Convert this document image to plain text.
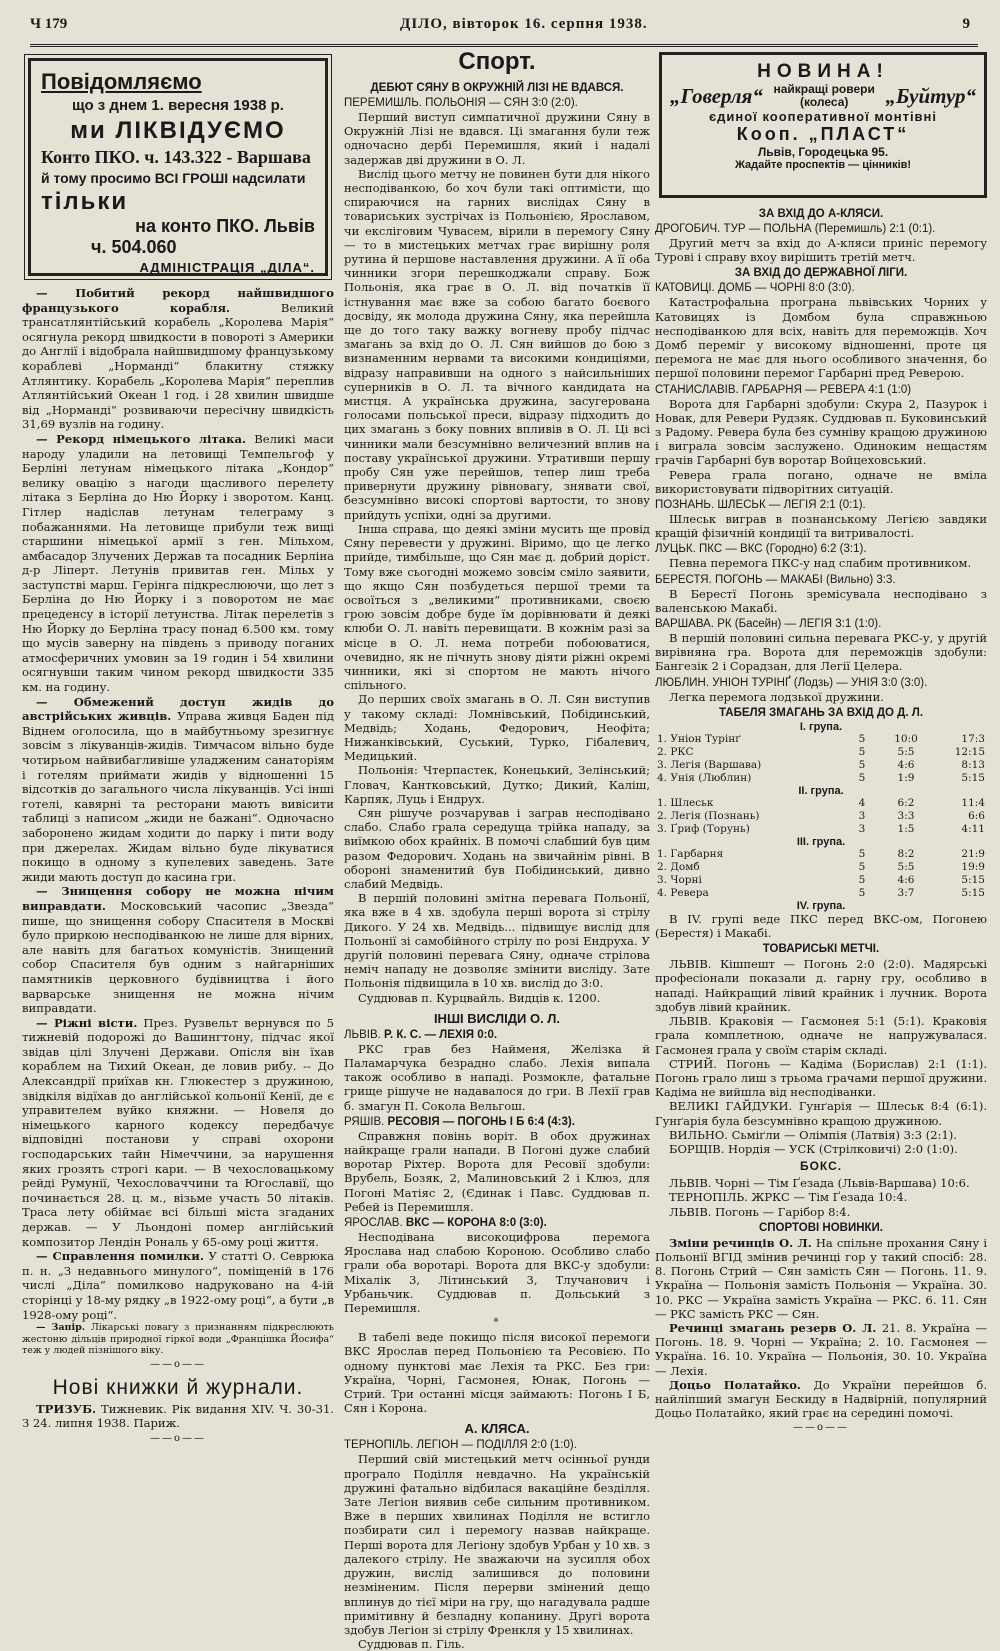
Ч 179	ДІЛО, вівторок 16. серпня 1938.	9
Повідомляємо
що з днем 1. вересня 1938 р.
ми ЛІКВІДУЄМО
Конто ПКО. ч. 143.322 - Варшава
й тому просимо ВСІ ГРОШІ надсилати
тільки
на конто ПКО. Львів
ч. 504.060
АДМІНІСТРАЦІЯ „ДІЛА“.

— Побитий рекорд найшвидшого французького корабля.	Великий трансатлянтійський корабель „Королева Марія“ осягнула рекорд швидкости в повороті з Америки до Англії і відобрала найшвидшому французькому кораблеві „Норманді“ блакитну стяжку Атлянтику. Корабель „Королева Марія“ переплив Атлянтійський Океан 1 год. і 28 хвилин швидше від „Норманді“ розвиваючи пересічну швидкість 31,69 вузлів на годину.

— Рекорд німецького літака. Великі маси народу уладили на летовищі Темпельгоф у Берліні летунам німецького літака „Кондор“ велику овацію з нагоди щасливого перелету літака з Берліна до Ню Йорку і зворотом. Канц. Гітлер надіслав летунам телеграму з побажаннями. На летовище прибули теж вищі старшини німецької армії з ген. Мільхом, амбасадор Злучених Держав та посадник Берліна д-р Ліперт. Летунів привитав ген. Мільх у заступстві марш. Герінга підкреслюючи, що лет з Берліна до Ню Йорку і з поворотом не має прецеденсу в історії летунства. Літак перелетів з Ню Йорку до Берліна трасу понад 6.500 км. тому що мусів заверну на південь з приводу поганих атмосферичних умовин за 19 годин і 54 хвилини осягнувши таким чином рекорд швидкости 335 км. на годину.

— Обмежений доступ жидів до австрійських живців. Управа живця Баден під Віднем оголосила, що в майбутньому зрезигнує зовсім з лікуванців-жидів. Тимчасом вільно буде чотирьом найвибагливіше уладженим санаторіям і готелям приймати жидів у відношенні 15 відсотків до загального числа лікуванців. Усі інші готелі, кавярні та ресторани мають вивісити таблиці з написом „жиди не бажані“. Одночасно заборонено жидам ходити до парку і пити воду при джерелах. Жидам вільно буде лікуватися покищо в одному з купелевих заведень. Зате жиди мають доступ до касина гри.

— Знищення собору не можна нічим виправдати. Московський часопис „Звезда“ пише, що знищення собору Спасителя в Москві було приркою несподіванкою не лише для вірних, але навіть для багатьох комуністів. Знищений собор Спасителя був одним з найгарніших памятників церковного будівництва і його варварське знищення не можна нічим виправдати.

— Ріжні вісти. През. Рузвельт вернувся по 5 тижневій подорожі до Вашингтону, підчас якої звідав цілі Злучені Держави. Опісля він їхав кораблем на Тихий Океан, де ловив рибу. -- До Александрії приїхав кн. Глюкестер з дружиною, звідкіля відїхав до англійської кольонії Кенії, де є управителем вуйко княжни. — Новеля до німецького карного кодексу передбачує відповідні постанови у справі охорони господарських тайн Німеччини, за нарушення яких грозять строгі кари. — В чехословацькому рейді Румунії, Чехословаччини та Югославії, що починається 28. ц. м., візьме участь 50 літаків. Траса лету обіймає всі більші міста згаданих держав. — У Льондоні помер англійський композитор Лендін Рональ у 65-ому році життя.

— Справлення помилки. У статті О. Севрюка п. н. „З недавнього минулого“, поміщеній в 176 числі „Діла“ помилково надруковано на 4-ій сторінці у 18-му рядку „в 1922-ому році“, а бути „в 1928-ому році“.

— Запір. Лікарські повагу з признанням підкреслюють жестоню дільців природної гіркої води „Францішка Йосифа“ теж у людей пізнішого віку.

——о——
Нові книжки й журнали.

ТРИЗУБ. Тижневик. Рік видання XIV. Ч. 30-31. З 24. липня 1938. Париж.

——о——
Спорт.
ДЕБЮТ СЯНУ В ОКРУЖНІЙ ЛІЗІ НЕ ВДАВСЯ.
ПЕРЕМИШЛЬ. ПОЛЬОНІЯ — СЯН 3:0 (2:0).

Перший виступ симпатичної дружини Сяну в Окружній Лізі не вдався. Ці змагання були теж одночасно дербі Перемишля, який і надалі задержав дві дружини в О. Л.

Вислід цього метчу не повинен бути для нікого несподіванкою, бо хоч були такі оптимісти, що спираючися на гарних вислідах Сяну в товариських зустрічах із Польонією, Ярославом, чи ексліговим Чувасем, вірили в перемогу Сяну — то в мистецьких метчах грає вирішну роля рутина й першове наставлення дружини. А її оба чинники згори перешкоджали справу. Бож Польонія, яка грає в О. Л. від початків її істнування має вже за собою багато боєвого досвіду, як молода дружина Сяну, яка перейшла ще до того таку важку вогневу пробу підчас змагань за вхід до О. Л. Сян вийшов до бою з визнаменним нервами та високими кондиціями, відразу направивши на одного з найсильніших суперників в О. Л. та вічного кандидата на мистця. А українська дружина, засугерована голосами польської преси, відразу підходить до цих змагань з боку повних впливів в О. Л. Ці всі чинники мали безсумнівно величезний вплив на поставу української дружини. Утративши першу пробу Сян уже перейшов, тепер лиш треба привернути дружину рівновагу, знявати свої, безсумнівно високі спортові вартости, то знову прийдуть успіхи, одні за другими.

Інша справа, що деякі зміни мусить ще провід Сяну перевести у дружині. Віримо, що це легко прийде, тимбільше, що Сян має д. добрий доріст. Тому вже сьогодні можемо зовсім сміло заявити, що якщо Сян позбудеться першої треми та освоїться з „великими“ противниками, своєю грою зовсім добре буде їм дорівнювати й деякі клюби О. Л. навіть перевищати. В кожнім разі за місце в О. Л. нема потреби побоюватися, очевидно, як не пічнуть знову діяти ріжні окремі чинники, які зі спортом не мають нічого спільного.

До перших своїх змагань в О. Л. Сян виступив у такому складі: Ломнівський, Побідинський, Медвідь; Ходань, Федорович, Неофіта; Нижанківський, Суський, Турко, Гібалевич, Медицький.

Польонія: Чтерпастек, Конецький, Зелінський; Гловач, Кантковський, Дутко; Дикий, Каліш, Карпяк, Луць і Ендрух.

Сян рішуче розчарував і заграв несподівано слабо. Слабо грала середуща трійка нападу, за виїмкою обох крайніх. В помочі слабший був цим разом Федорович. Ходань на звичайнім рівні. В обороні знаменитий був Побідинський, дивно слабий Медвідь.

В першій половині змітна перевага Польонії, яка вже в 4 хв. здобула перші ворота зі стрілу Дикого. У 24 хв. Медвідь... підвищує вислід для Польонії зі самобійного стрілу по розі Ендруха. У другій половині перевага Сяну, одначе стрілова неміч нападу не дозволяє змінити висліду. Зате Польонія підвищила в 10 хв. вислід до 3:0.

Суддював п. Курцвайль. Видців к. 1200.

ІНШІ ВИСЛІДИ О. Л.
ЛЬВІВ. Р. К. С. — ЛЕХІЯ 0:0.

РКС грав без Найменя, Желізка й Паламарчука безрадно слабо. Лехія випала також особливо в нападі. Розмоклe, фатальне грище рішуче не надавалося до гри. В Лехії грав б. змагун П. Сокола Вельгош.

РЯШІВ. РЕСОВІЯ — ПОГОНЬ І Б 6:4 (4:3).

Справжня повінь воріт. В обох дружинах найкраще грали напади. В Погоні дуже слабий воротар Ріхтер. Ворота для Ресовії здобули: Врубель, Бозяк, 2, Малиновський 2 і Клюз, для Погоні Матіяс 2, (Єдинак і Павс. Суддював п. Ребей із Перемишля.

ЯРОСЛАВ. ВКС — КОРОНА 8:0 (3:0).

Несподівана високоцифрова перемога Ярослава над слабою Короною. Особливо слабо грали оба воротарі. Ворота для ВКС-у здобули: Міхалік 3, Літинський 3, Тлучанович і Урбаньчик. Суддював п. Дольський з Перемишля.

*

В табелі веде покищо після високої перемоги ВКС Ярослав перед Польонією та Ресовією. По одному пунктові має Лехія та РКС. Без гри: Україна, Чорні, Гасмонея, Юнак, Погонь — Стрий. Три останні місця займають: Погонь І Б, Сян і Корона.

А. КЛЯСА.
ТЕРНОПІЛЬ. ЛЕГІОН — ПОДІЛЛЯ 2:0 (1:0).

Перший свій мистецький метч осінньої рунди програло Поділля невдачно. На українській дружині фатально відбилася вакаційне безділля. Зате Легіон виявив себе сильним противником. Вже в перших хвилинах Поділля не встигло позбирати сил і перемогу назвав найкраще. Перші ворота для Легіону здобув Урбан у 10 хв. з далекого стрілу. Не зважаючи на зусилля обох дружин, вислід залишився до половини незміненим. Після перерви змінений дещо вплинув до тієї міри на гру, що нагадувала радше примітивну й безладну копанину. Другі ворота здобув Легіон зі стрілу Френкля у 15 хвилинах.

Суддював п. Гіль.

НОВИНА!
„Говерля“ найкращі ровери (колеса)	„Буйтур“
єдиної кооперативної монтівні
Кооп. „ПЛАСТ“
Львів, Городецька 95.
Жадайте проспектів — цінників!
ЗА ВХІД ДО А-КЛЯСИ.
ДРОГОБИЧ. ТУР — ПОЛЬНА (Перемишль) 2:1 (0:1).

Другий метч за вхід до А-кляси приніс перемогу Турові і справу вхоу вирішить третій метч.

ЗА ВХІД ДО ДЕРЖАВНОЇ ЛІГИ.
КАТОВИЦІ. ДОМБ — ЧОРНІ 8:0 (3:0).

Катастрофальна програна львівських Чорних у Катовицях із Домбом була справжньою несподіванкою для всіх, навіть для переможців. Хоч Домб переміг у високому відношенні, проте ця перемога не має для нього особливого значення, бо першої половини перемог Гарбарні пред Реверою.

СТАНИСЛАВІВ. ГАРБАРНЯ — РЕВЕРА 4:1 (1:0)

Ворота для Гарбарні здобули: Скура 2, Пазурок і Новак, для Ревери Рудзяк. Суддював п. Буковинський з Радому. Ревера була без сумніву кращою дружиною і виграла зовсім заслужено. Одиноким нещастям грачів Гарбарні був воротар Войцеховський.

Ревера грала погано, одначе не вміла використовувати підворітних ситуацій.

ПОЗНАНЬ. ШЛЕСЬК — ЛЕГІЯ 2:1 (0:1).

Шлеськ виграв в познанському Легією завдяки кращій фізичній кондиції та витривалості.

ЛУЦЬК. ПКС — ВКС (Городно) 6:2 (3:1).

Певна перемога ПКС-у над слабим противником.

БЕРЕСТЯ. ПОГОНЬ — МАКАБІ (Вильно) 3:3.

В Берестї Погонь зремісувала несподівано з валенською Макабі.

ВАРШАВА. РК (Басейн) — ЛЕГІЯ 3:1 (1:0).

В першій половині сильна перевага РКС-у, у другій вирівняна гра. Ворота для переможців здобули: Бангезік 2 і Сорадзан, для Легії Целера.

ЛЮБЛИН. УНІОН ТУРІНҐ (Лодзь) — УНІЯ 3:0 (3:0).

Легка перемога лодзької дружини.

ТАБЕЛЯ ЗМАГАНЬ ЗА ВХІД ДО Д. Л.
І. група.
1. Уніон Турінґ	5	10:0	17:3
2. РКС	5	5:5	12:15
3. Легія (Варшава)	5	4:6	8:13
4. Унія (Люблин)	5	1:9	5:15
ІІ. група.
1. Шлеськ	4	6:2	11:4
2. Легія (Познань)	3	3:3	6:6
3. Ґриф (Торунь)	3	1:5	4:11
ІІІ. група.
1. Гарбарня	5	8:2	21:9
2. Домб	5	5:5	19:9
3. Чорні	5	4:6	5:15
4. Ревера	5	3:7	5:15
IV. група.

В IV. групі веде ПКС перед ВКС-ом, Погонею (Берестя) і Макабі.

ТОВАРИСЬКІ МЕТЧІ.

ЛЬВІВ. Кішпешт — Погонь 2:0 (2:0). Мадярські професіонали показали д. гарну гру, особливо в нападі. Найкращий лівий крайник і лучник. Ворота здобув лівий крайник.

ЛЬВІВ. Краковія — Гасмонея 5:1 (5:1). Краковія грала комплетною, одначе не напружувалася. Гасмонея грала у своїм старім складі.

СТРИЙ. Погонь — Кадіма (Борислав) 2:1 (1:1). Погонь грало лиш з трьома грачами першої дружини. Кадіма не вийшла від несподіванки.

ВЕЛИКІ ГАЙДУКИ. Гунґарія — Шлеськ 8:4 (6:1). Гунґарія була безсумнівно кращою дружиною.

ВИЛЬНО. Сьміґли — Олімпія (Латвія) 3:3 (2:1).

БОРЩІВ. Нордія — УСК (Стрілковичі) 2:0 (1:0).

БОКС.

ЛЬВІВ. Чорні — Тім Ґезада (Львів-Варшава) 10:6.

ТЕРНОПІЛЬ. ЖРКС — Тім Ґезада 10:4.

ЛЬВІВ. Погонь — Гарібор 8:4.

СПОРТОВІ НОВИНКИ.

Зміни речинців О. Л. На спільне прохання Сяну і Польонії ВГІД змінив речинці гор у такий спосіб: 28. 8. Погонь Стрий — Сян замість Сян — Погонь. 11. 9. Україна — Польонія замість Польонія — Україна. 30. 10. РКС — Україна замість Україна — РКС. 6. 11. Сян — РКС замість РКС — Сян.

Речинці змагань резерв О. Л. 21. 8. Україна — Погонь. 18. 9. Чорні — Україна; 2. 10. Гасмонея — Україна. 16. 10. Україна — Польонія, 30. 10. Україна — Лехія.

Доцьо Полатайко. До України перейшов б. найліпший змагун Бескиду в Надвірній, популярний Доцьо Полатайко, який грає на середині помочі.

——о——
